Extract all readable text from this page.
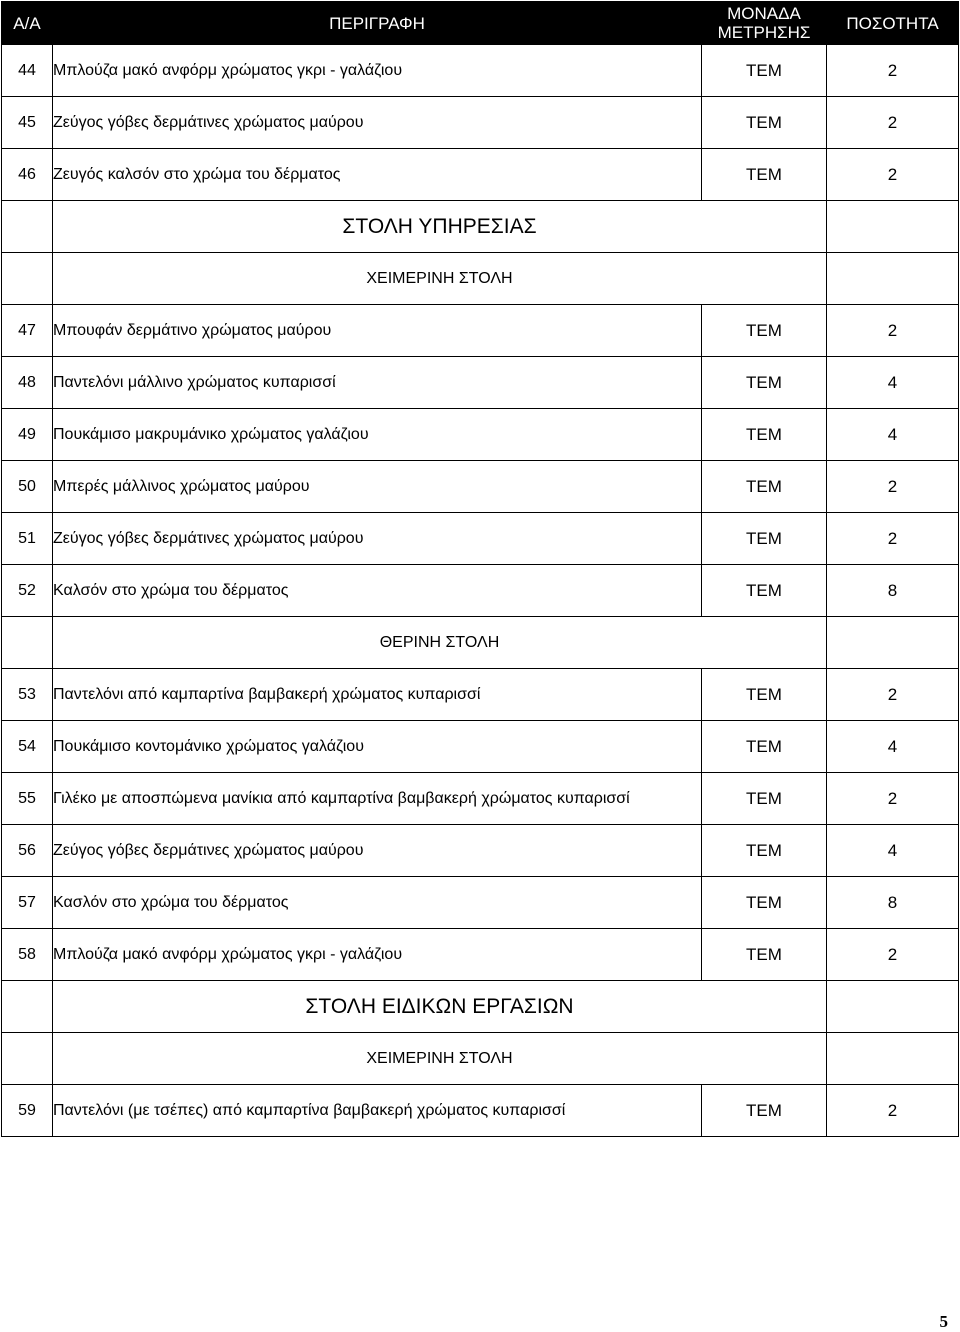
Α/Α	ΠΕΡΙΓΡΑΦΗ	ΜΟΝΑΔΑ
ΜΕΤΡΗΣΗΣ	ΠΟΣΟΤΗΤΑ
44	Μπλούζα μακό ανφόρμ χρώματος γκρι - γαλάζιου	ΤΕΜ	2
45	Ζεύγος γόβες δερμάτινες χρώματος μαύρου	ΤΕΜ	2
46	Ζευγός καλσόν στο χρώμα του δέρματος	ΤΕΜ	2
	ΣΤΟΛΗ ΥΠΗΡΕΣΙΑΣ		
	ΧΕΙΜΕΡΙΝΗ ΣΤΟΛΗ		
47	Μπουφάν δερμάτινο χρώματος μαύρου	ΤΕΜ	2
48	Παντελόνι μάλλινο χρώματος κυπαρισσί	ΤΕΜ	4
49	Πουκάμισο μακρυμάνικο χρώματος γαλάζιου	ΤΕΜ	4
50	Μπερές μάλλινος χρώματος μαύρου	ΤΕΜ	2
51	Ζεύγος γόβες δερμάτινες χρώματος μαύρου	ΤΕΜ	2
52	Καλσόν στο χρώμα του δέρματος	ΤΕΜ	8
	ΘΕΡΙΝΗ ΣΤΟΛΗ		
53	Παντελόνι από καμπαρτίνα βαμβακερή χρώματος κυπαρισσί	ΤΕΜ	2
54	Πουκάμισο κοντομάνικο χρώματος γαλάζιου	ΤΕΜ	4
55	Γιλέκο με αποσπώμενα μανίκια από καμπαρτίνα βαμβακερή χρώματος κυπαρισσί	ΤΕΜ	2
56	Ζεύγος γόβες δερμάτινες χρώματος μαύρου	ΤΕΜ	4
57	Κασλόν στο χρώμα του δέρματος	ΤΕΜ	8
58	Μπλούζα μακό ανφόρμ χρώματος γκρι - γαλάζιου	ΤΕΜ	2
	ΣΤΟΛΗ ΕΙΔΙΚΩΝ ΕΡΓΑΣΙΩΝ		
	ΧΕΙΜΕΡΙΝΗ ΣΤΟΛΗ		
59	Παντελόνι (με τσέπες) από καμπαρτίνα βαμβακερή χρώματος κυπαρισσί	ΤΕΜ	2
5
